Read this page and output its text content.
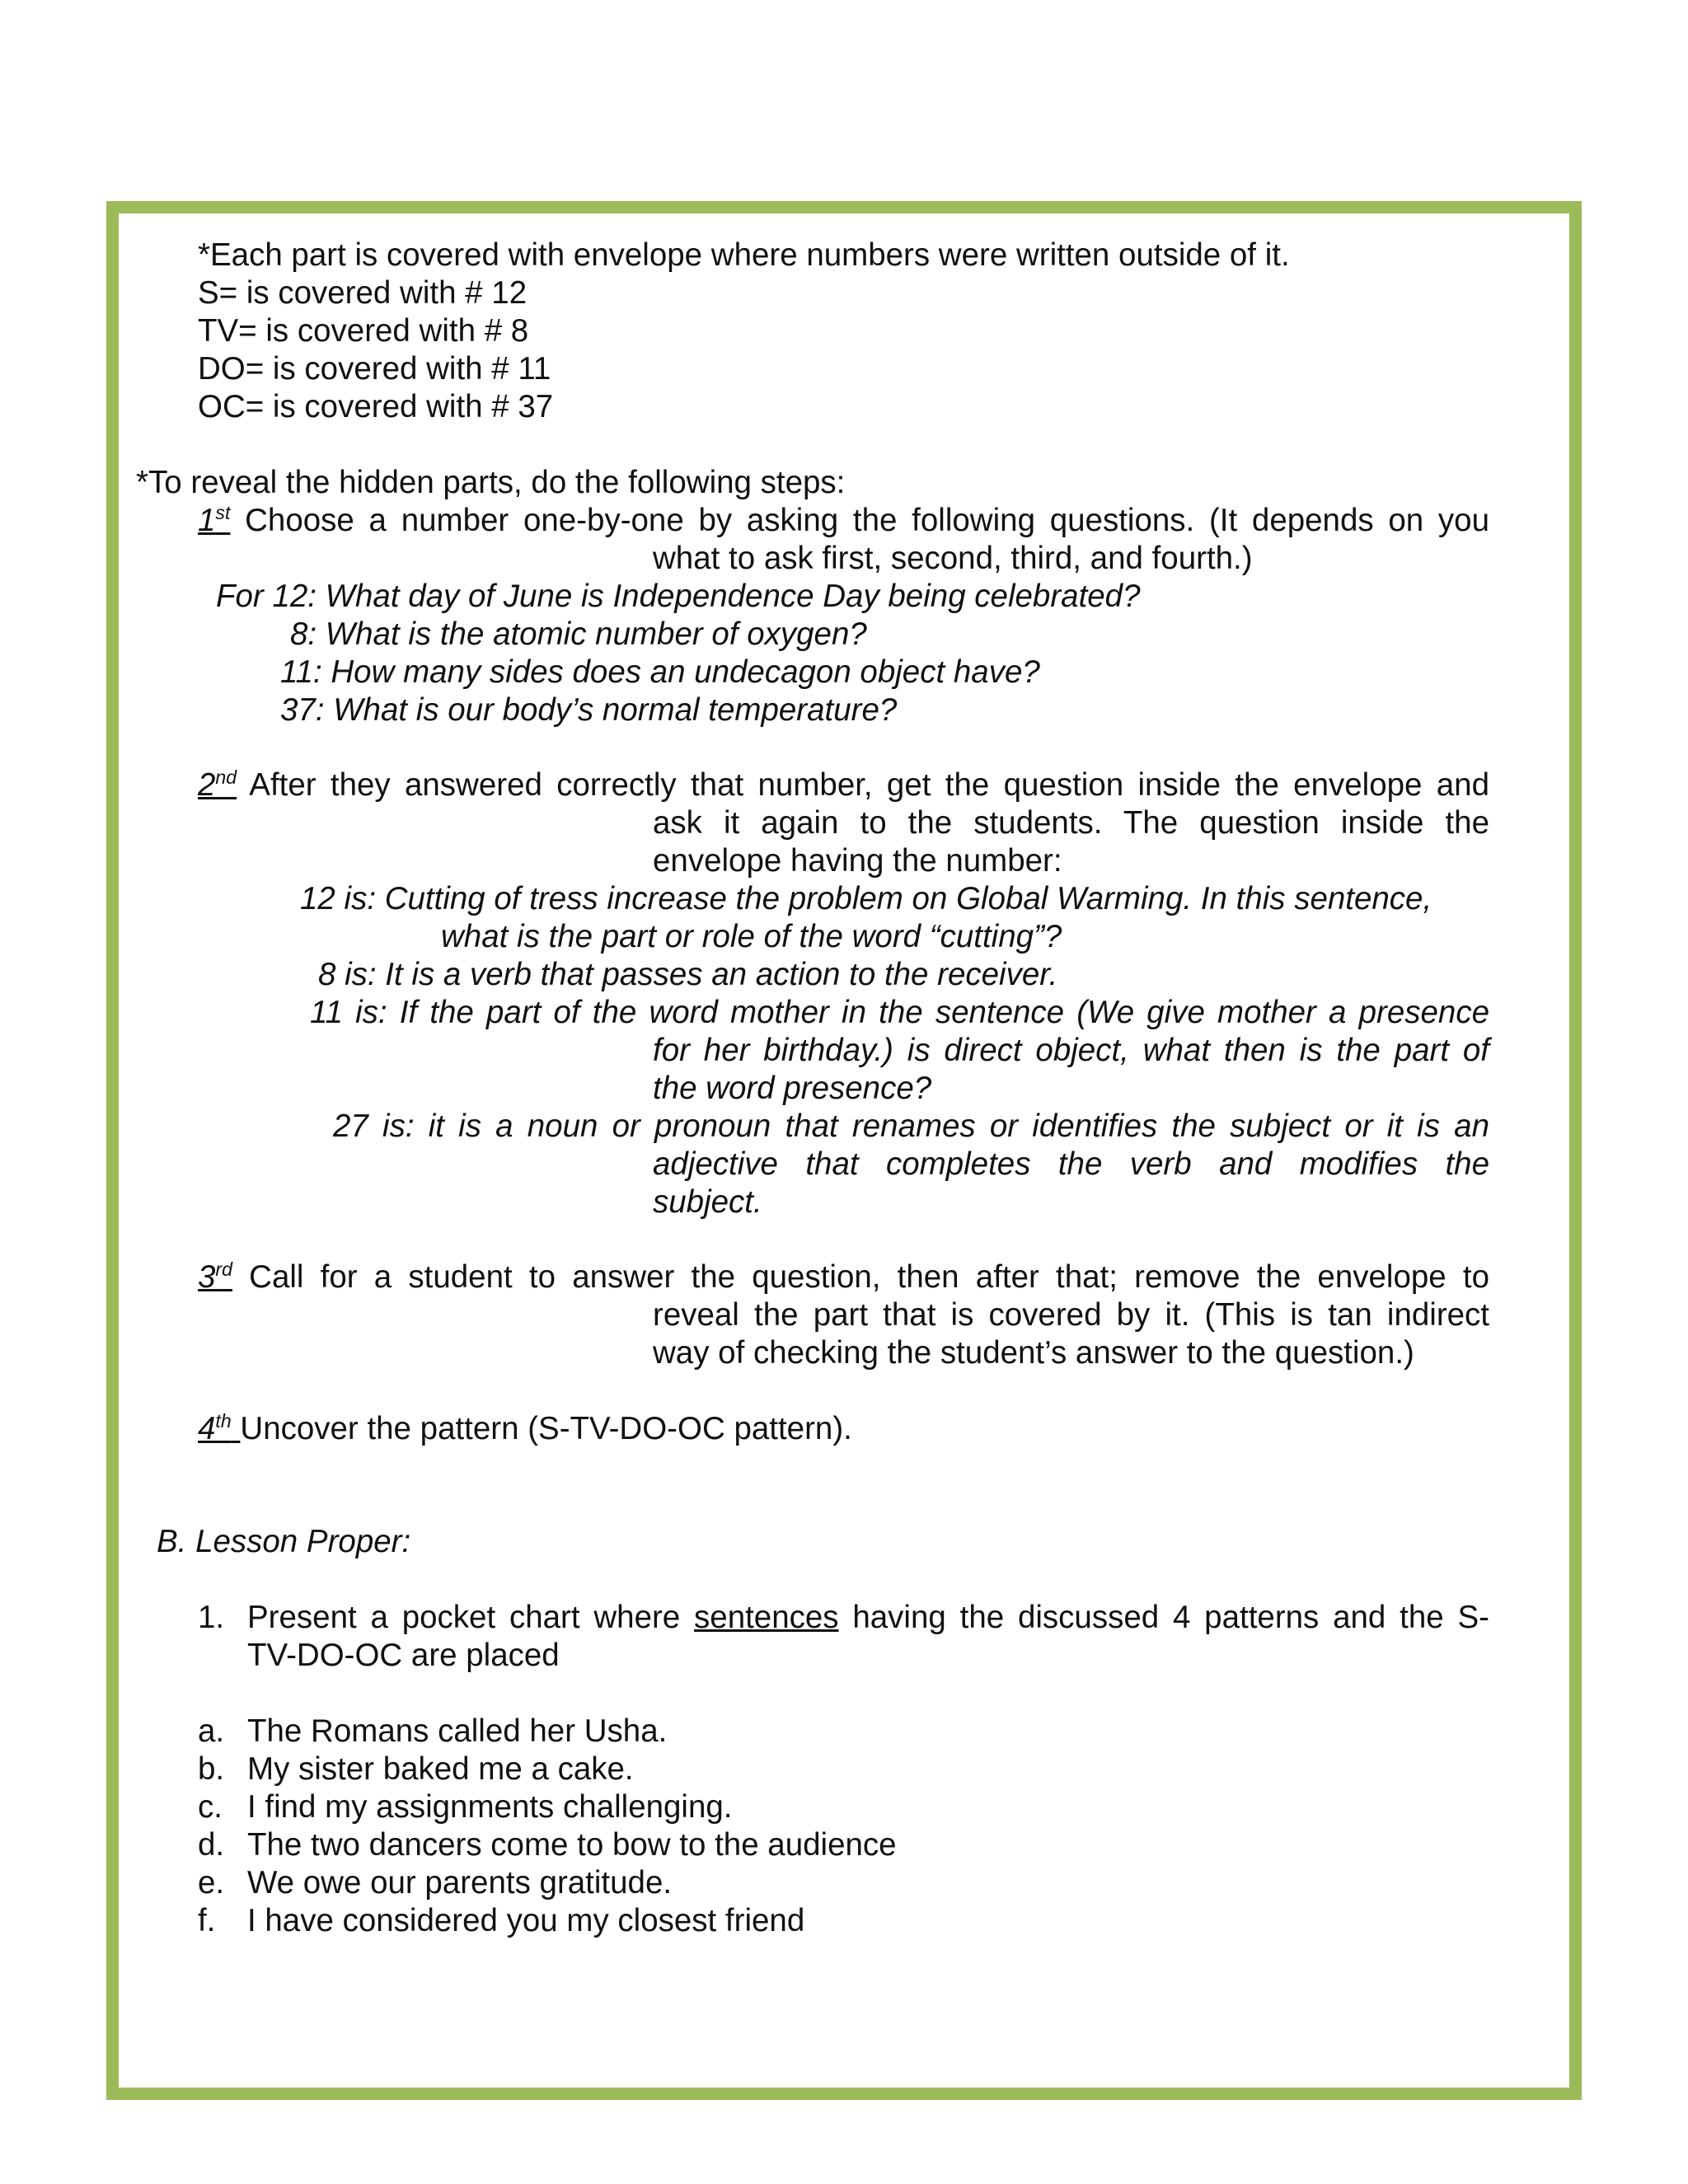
*Each part is covered with envelope where numbers were written outside of it.
S= is covered with # 12
TV= is covered with # 8
DO= is covered with # 11
OC= is covered with # 37
*To reveal the hidden parts, do the following steps:
1st Choose a number one-by-one by asking the following questions. (It depends on you
what to ask first, second, third, and fourth.)
For 12: What day of June is Independence Day being celebrated?
8: What is the atomic number of oxygen?
11: How many sides does an undecagon object have?
37: What is our body’s normal temperature?
2nd After they answered correctly that number, get the question inside the envelope and
ask it again to the students. The question inside the
envelope having the number:
12 is: Cutting of tress increase the problem on Global Warming. In this sentence,
what is the part or role of the word “cutting”?
8 is: It is a verb that passes an action to the receiver.
11 is: If the part of the word mother in the sentence (We give mother a presence
for her birthday.) is direct object, what then is the part of
the word presence?
27 is: it is a noun or pronoun that renames or identifies the subject or it is an
adjective that completes the verb and modifies the
subject.
3rd Call for a student to answer the question, then after that; remove the envelope to
reveal the part that is covered by it. (This is tan indirect
way of checking the student’s answer to the question.)
4th Uncover the pattern (S-TV-DO-OC pattern).
B. Lesson Proper:
1. Present a pocket chart where sentences having the discussed 4 patterns and the S-
TV-DO-OC are placed
a. The Romans called her Usha.
b. My sister baked me a cake.
c. I find my assignments challenging.
d. The two dancers come to bow to the audience
e. We owe our parents gratitude.
f. I have considered you my closest friend
